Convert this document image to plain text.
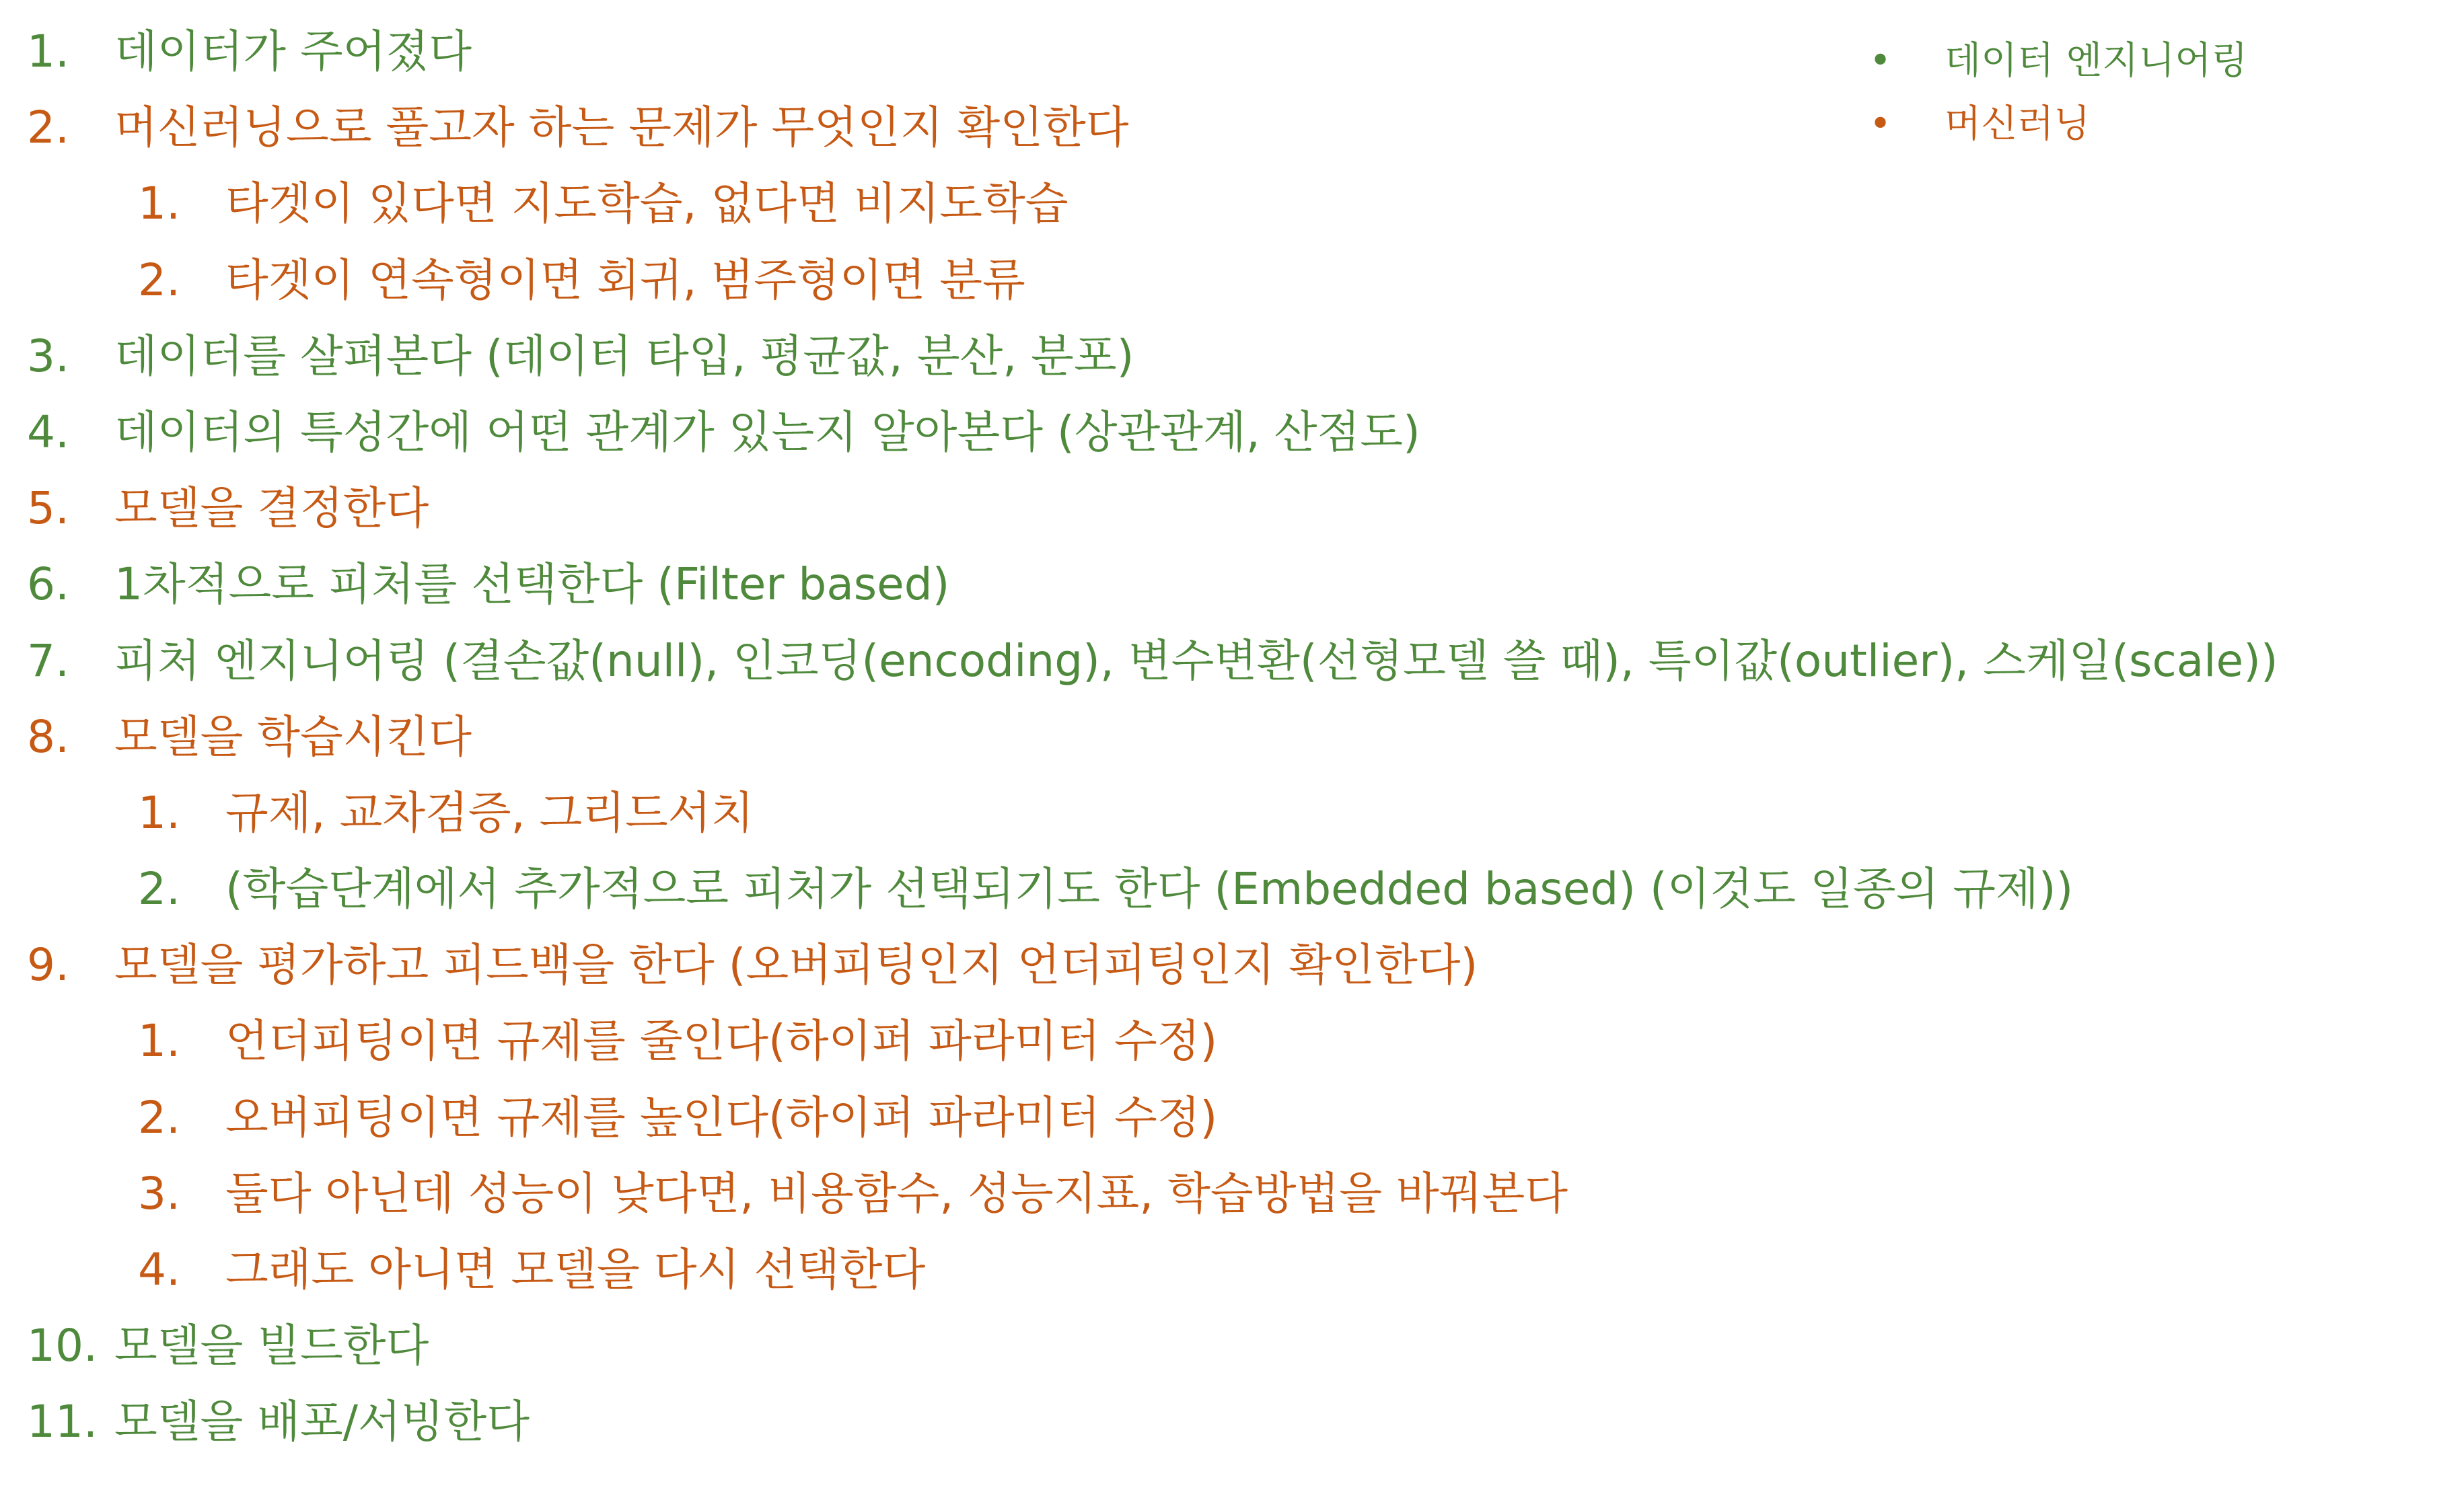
• 데이터 엔지니어링
• 머신러닝
1. 데이터가 주어졌다
2. 머신러닝으로 풀고자 하는 문제가 무엇인지 확인한다
1. 타겟이 있다면 지도학습, 없다면 비지도학습
2. 타겟이 연속형이면 회귀, 범주형이면 분류
3. 데이터를 살펴본다 (데이터 타입, 평균값, 분산, 분포)
4. 데이터의 특성간에 어떤 관계가 있는지 알아본다 (상관관계, 산점도)
5. 모델을 결정한다
6. 1차적으로 피처를 선택한다 (Filter based)
7. 피처 엔지니어링 (결손값(null), 인코딩(encoding), 변수변환(선형모델 쓸 때), 특이값(outlier), 스케일(scale))
8. 모델을 학습시킨다
1. 규제, 교차검증, 그리드서치
2. (학습단계에서 추가적으로 피처가 선택되기도 한다 (Embedded based) (이것도 일종의 규제))
9. 모델을 평가하고 피드백을 한다 (오버피팅인지 언더피팅인지 확인한다)
1. 언더피팅이면 규제를 줄인다(하이퍼 파라미터 수정)
2. 오버피팅이면 규제를 높인다(하이퍼 파라미터 수정)
3. 둘다 아닌데 성능이 낮다면, 비용함수, 성능지표, 학습방법을 바꿔본다
4. 그래도 아니면 모델을 다시 선택한다
10. 모델을 빌드한다
11. 모델을 배포/서빙한다
